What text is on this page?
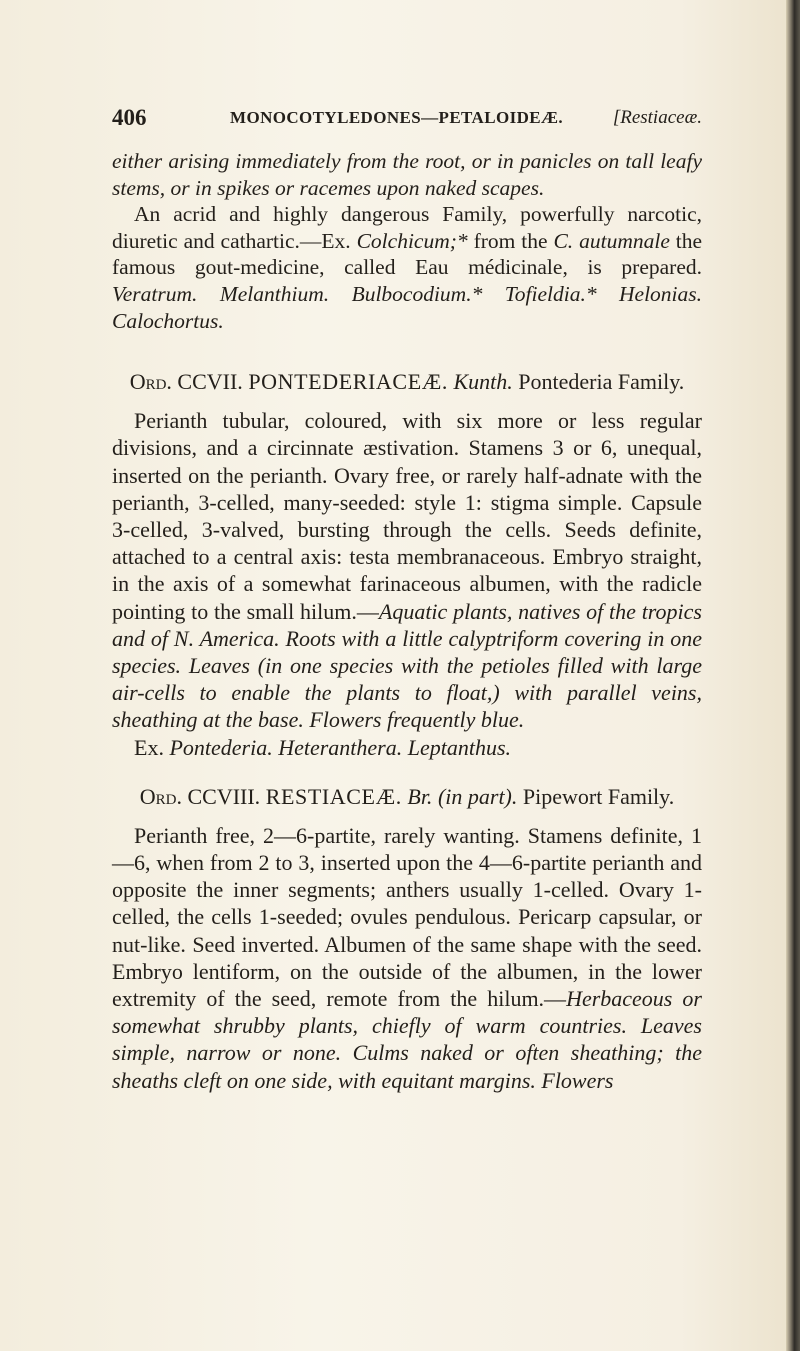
406	MONOCOTYLEDONES—PETALOIDEÆ.	[Restiaceæ.

either arising immediately from the root, or in panicles on tall leafy stems, or in spikes or racemes upon naked scapes.

An acrid and highly dangerous Family, powerfully narcotic, diuretic and cathartic.—Ex. Colchicum;* from the C. autumnale the famous gout-medicine, called Eau médicinale, is prepared. Veratrum. Melanthium. Bulbocodium.* Tofieldia.* Helonias. Calochortus.

Ord. CCVII. PONTEDERIACEÆ. Kunth. Pontederia Family.

Perianth tubular, coloured, with six more or less regular divisions, and a circinnate æstivation. Stamens 3 or 6, unequal, inserted on the perianth. Ovary free, or rarely half-adnate with the perianth, 3-celled, many-seeded: style 1: stigma simple. Capsule 3-celled, 3-valved, bursting through the cells. Seeds definite, attached to a central axis: testa membranaceous. Embryo straight, in the axis of a somewhat farinaceous albumen, with the radicle pointing to the small hilum.—Aquatic plants, natives of the tropics and of N. America. Roots with a little calyptriform covering in one species. Leaves (in one species with the petioles filled with large air-cells to enable the plants to float,) with parallel veins, sheathing at the base. Flowers frequently blue.

Ex. Pontederia. Heteranthera. Leptanthus.

Ord. CCVIII. RESTIACEÆ. Br. (in part). Pipewort Family.

Perianth free, 2—6-partite, rarely wanting. Stamens definite, 1—6, when from 2 to 3, inserted upon the 4—6-partite perianth and opposite the inner segments; anthers usually 1-celled. Ovary 1-celled, the cells 1-seeded; ovules pendulous. Pericarp capsular, or nut-like. Seed inverted. Albumen of the same shape with the seed. Embryo lentiform, on the outside of the albumen, in the lower extremity of the seed, remote from the hilum.—Herbaceous or somewhat shrubby plants, chiefly of warm countries. Leaves simple, narrow or none. Culms naked or often sheathing; the sheaths cleft on one side, with equitant margins. Flowers
